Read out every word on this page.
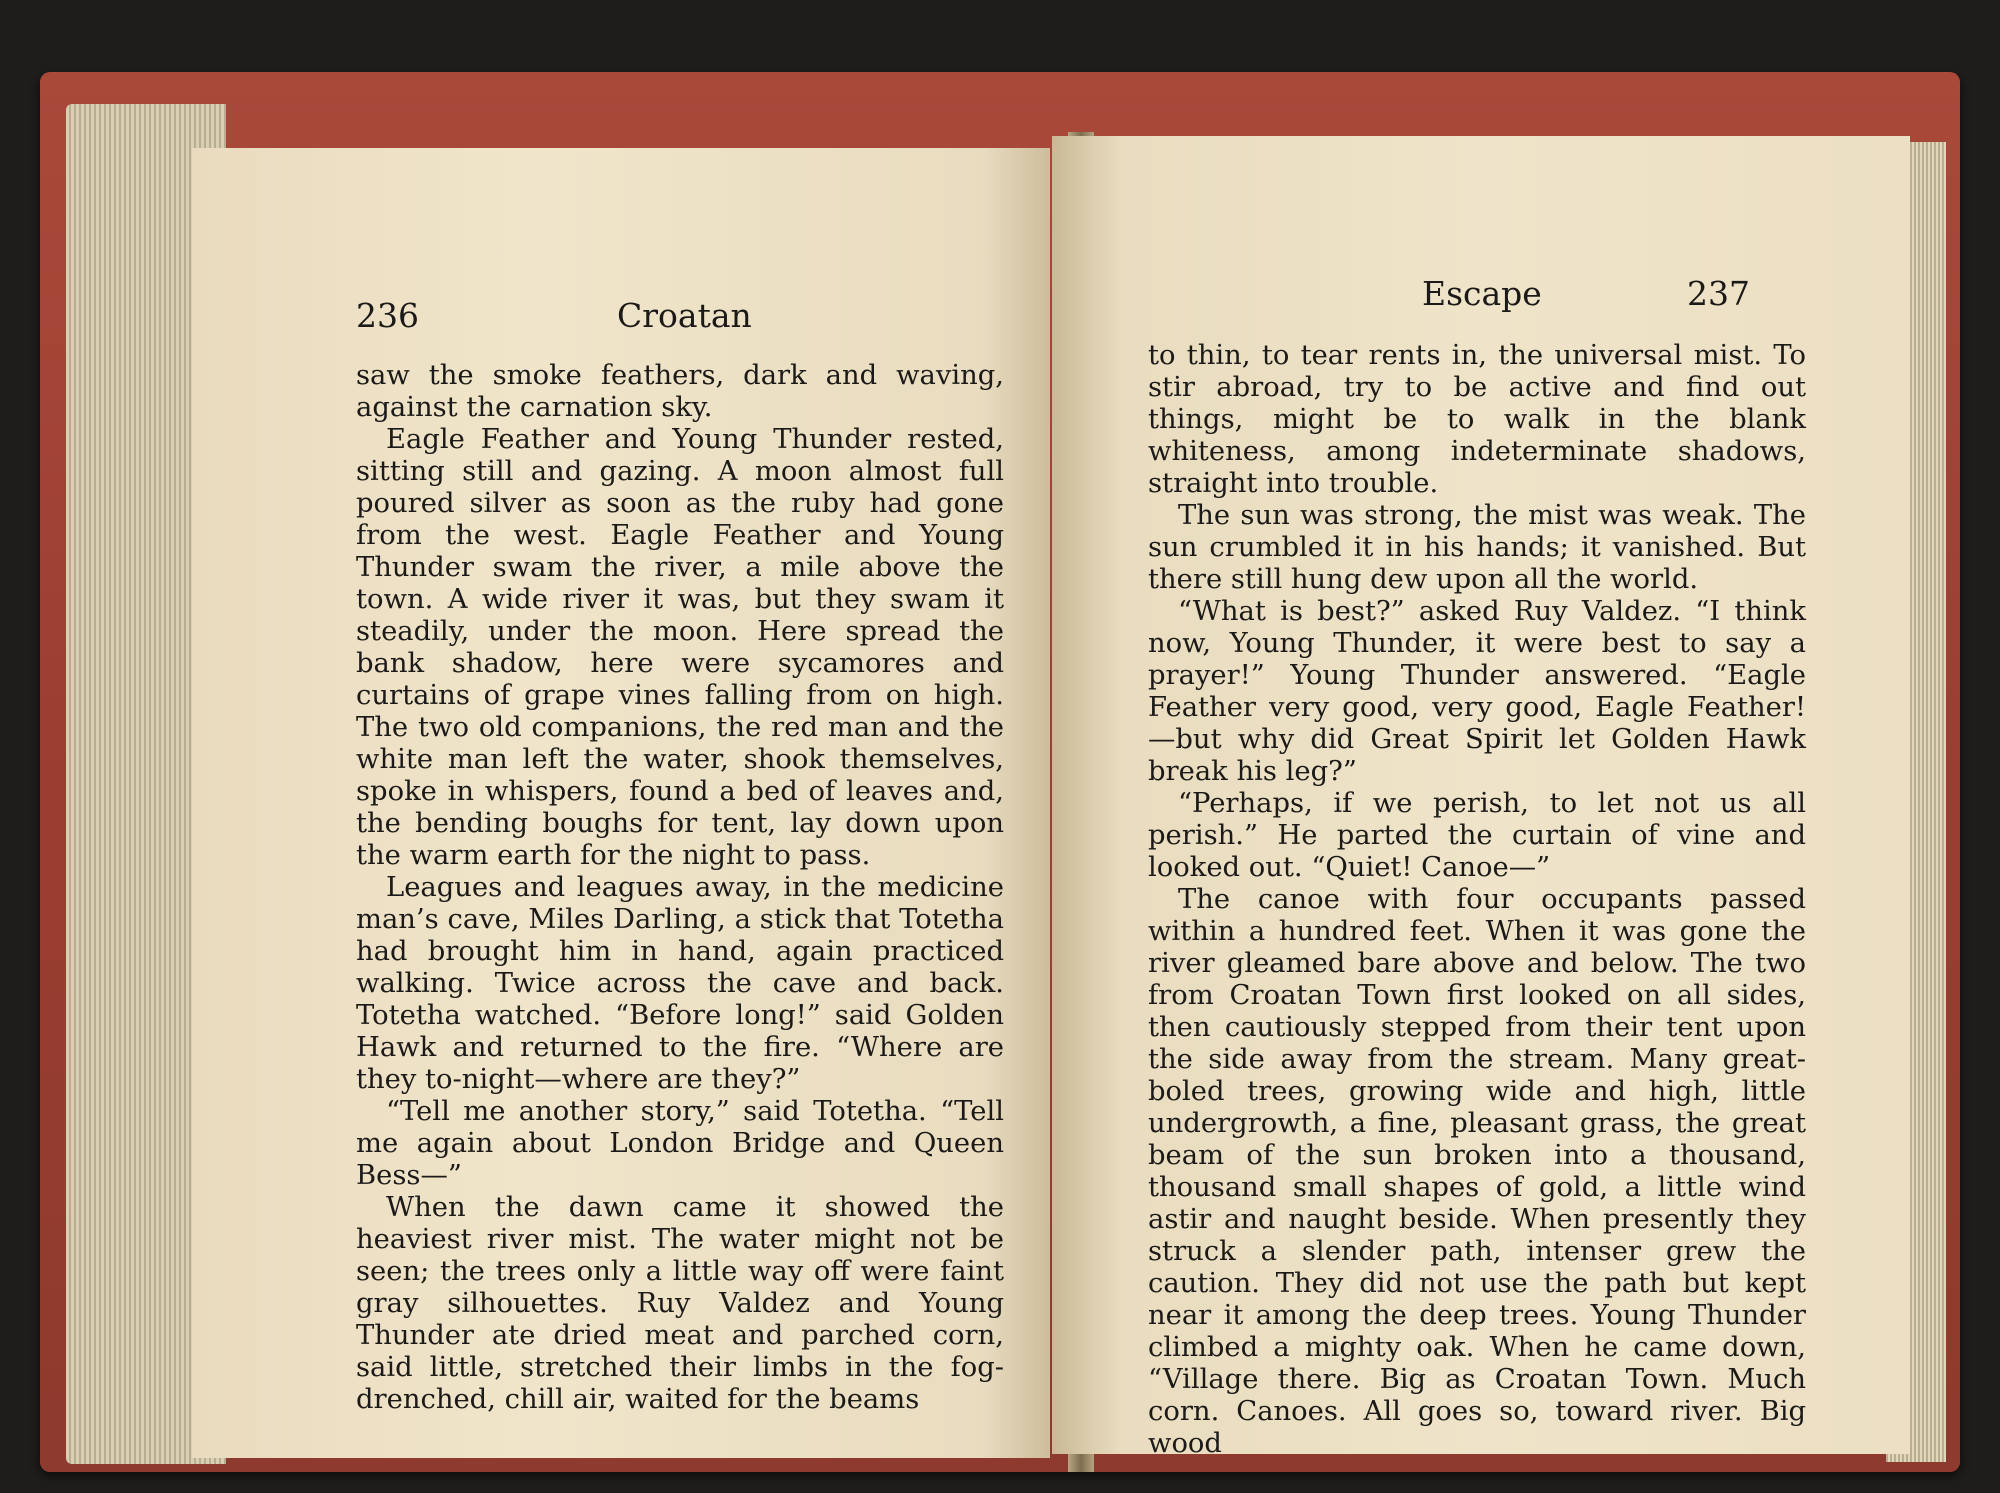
236	Croatan

saw the smoke feathers, dark and waving, against the carnation sky.

Eagle Feather and Young Thunder rested, sitting still and gazing. A moon almost full poured silver as soon as the ruby had gone from the west. Eagle Feather and Young Thunder swam the river, a mile above the town. A wide river it was, but they swam it steadily, under the moon. Here spread the bank shadow, here were sycamores and curtains of grape vines falling from on high. The two old companions, the red man and the white man left the water, shook themselves, spoke in whispers, found a bed of leaves and, the bending boughs for tent, lay down upon the warm earth for the night to pass.

Leagues and leagues away, in the medicine man’s cave, Miles Darling, a stick that Totetha had brought him in hand, again practiced walking. Twice across the cave and back. Totetha watched. “Before long!” said Golden Hawk and returned to the fire. “Where are they to-night—where are they?”

“Tell me another story,” said Totetha. “Tell me again about London Bridge and Queen Bess—”

When the dawn came it showed the heaviest river mist. The water might not be seen; the trees only a little way off were faint gray silhouettes. Ruy Valdez and Young Thunder ate dried meat and parched corn, said little, stretched their limbs in the fog-drenched, chill air, waited for the beams

Escape	237

to thin, to tear rents in, the universal mist. To stir abroad, try to be active and find out things, might be to walk in the blank whiteness, among indeterminate shadows, straight into trouble.

The sun was strong, the mist was weak. The sun crumbled it in his hands; it vanished. But there still hung dew upon all the world.

“What is best?” asked Ruy Valdez. “I think now, Young Thunder, it were best to say a prayer!” Young Thunder answered. “Eagle Feather very good, very good, Eagle Feather!—but why did Great Spirit let Golden Hawk break his leg?”

“Perhaps, if we perish, to let not us all perish.” He parted the curtain of vine and looked out. “Quiet! Canoe—”

The canoe with four occupants passed within a hundred feet. When it was gone the river gleamed bare above and below. The two from Croatan Town first looked on all sides, then cautiously stepped from their tent upon the side away from the stream. Many great-boled trees, growing wide and high, little undergrowth, a fine, pleasant grass, the great beam of the sun broken into a thousand, thousand small shapes of gold, a little wind astir and naught beside. When presently they struck a slender path, intenser grew the caution. They did not use the path but kept near it among the deep trees. Young Thunder climbed a mighty oak. When he came down, “Village there. Big as Croatan Town. Much corn. Canoes. All goes so, toward river. Big wood
